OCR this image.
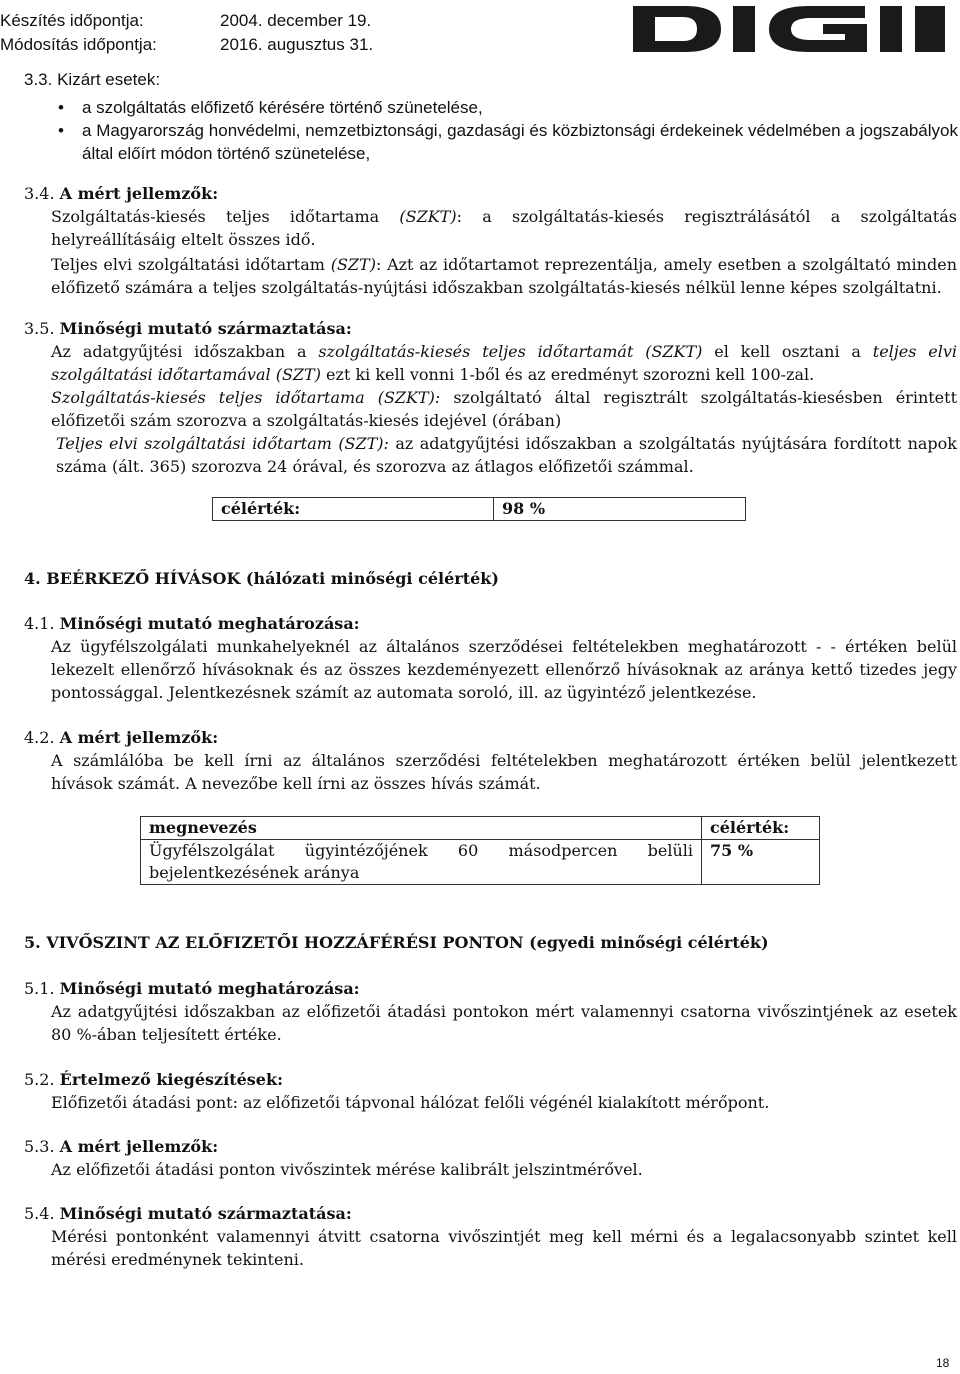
Készítés időpontja:	2004. december 19.
Módosítás időpontja:	2016. augusztus 31.
3.3. Kizárt esetek:
• a szolgáltatás előfizető kérésére történő szünetelése,
• a Magyarország honvédelmi, nemzetbiztonsági, gazdasági és közbiztonsági érdekeinek védelmében a jogszabályok által előírt módon történő szünetelése,
3.4. A mért jellemzők:

Szolgáltatás-kiesés teljes időtartama (SZKT): a szolgáltatás-kiesés regisztrálásától a szolgáltatás helyreállításáig eltelt összes idő.

Teljes elvi szolgáltatási időtartam (SZT): Azt az időtartamot reprezentálja, amely esetben a szolgáltató minden előfizető számára a teljes szolgáltatás-nyújtási időszakban szolgáltatás-kiesés nélkül lenne képes szolgáltatni.

3.5. Minőségi mutató származtatása:

Az adatgyűjtési időszakban a szolgáltatás-kiesés teljes időtartamát (SZKT) el kell osztani a teljes elvi szolgáltatási időtartamával (SZT) ezt ki kell vonni 1-ből és az eredményt szorozni kell 100-zal.

Szolgáltatás-kiesés teljes időtartama (SZKT): szolgáltató által regisztrált szolgáltatás-kiesésben érintett előfizetői szám szorozva a szolgáltatás-kiesés idejével (órában)

Teljes elvi szolgáltatási időtartam (SZT): az adatgyűjtési időszakban a szolgáltatás nyújtására fordított napok száma (ált. 365) szorozva 24 órával, és szorozva az átlagos előfizetői számmal.

célérték:	98 %
4. BEÉRKEZŐ HÍVÁSOK (hálózati minőségi célérték)
4.1. Minőségi mutató meghatározása:
Az ügyfélszolgálati munkahelyeknél az általános szerződései feltételekben meghatározott - - értéken belül lekezelt ellenőrző hívásoknak és az összes kezdeményezett ellenőrző hívásoknak az aránya kettő tizedes jegy pontossággal. Jelentkezésnek számít az automata soroló, ill. az ügyintéző jelentkezése.
4.2. A mért jellemzők:
A számlálóba be kell írni az általános szerződési feltételekben meghatározott értéken belül jelentkezett hívások számát. A nevezőbe kell írni az összes hívás számát.
megnevezés	célérték:
Ügyfélszolgálat ügyintézőjének 60 másodpercen belüli bejelentkezésének aránya	75 %
5. VIVŐSZINT AZ ELŐFIZETŐI HOZZÁFÉRÉSI PONTON (egyedi minőségi célérték)
5.1. Minőségi mutató meghatározása:
Az adatgyűjtési időszakban az előfizetői átadási pontokon mért valamennyi csatorna vivőszintjének az esetek 80 %-ában teljesített értéke.
5.2. Értelmező kiegészítések:
Előfizetői átadási pont: az előfizetői tápvonal hálózat felőli végénél kialakított mérőpont.
5.3. A mért jellemzők:
Az előfizetői átadási ponton vivőszintek mérése kalibrált jelszintmérővel.
5.4. Minőségi mutató származtatása:
Mérési pontonként valamennyi átvitt csatorna vivőszintjét meg kell mérni és a legalacsonyabb szintet kell mérési eredménynek tekinteni.
18
